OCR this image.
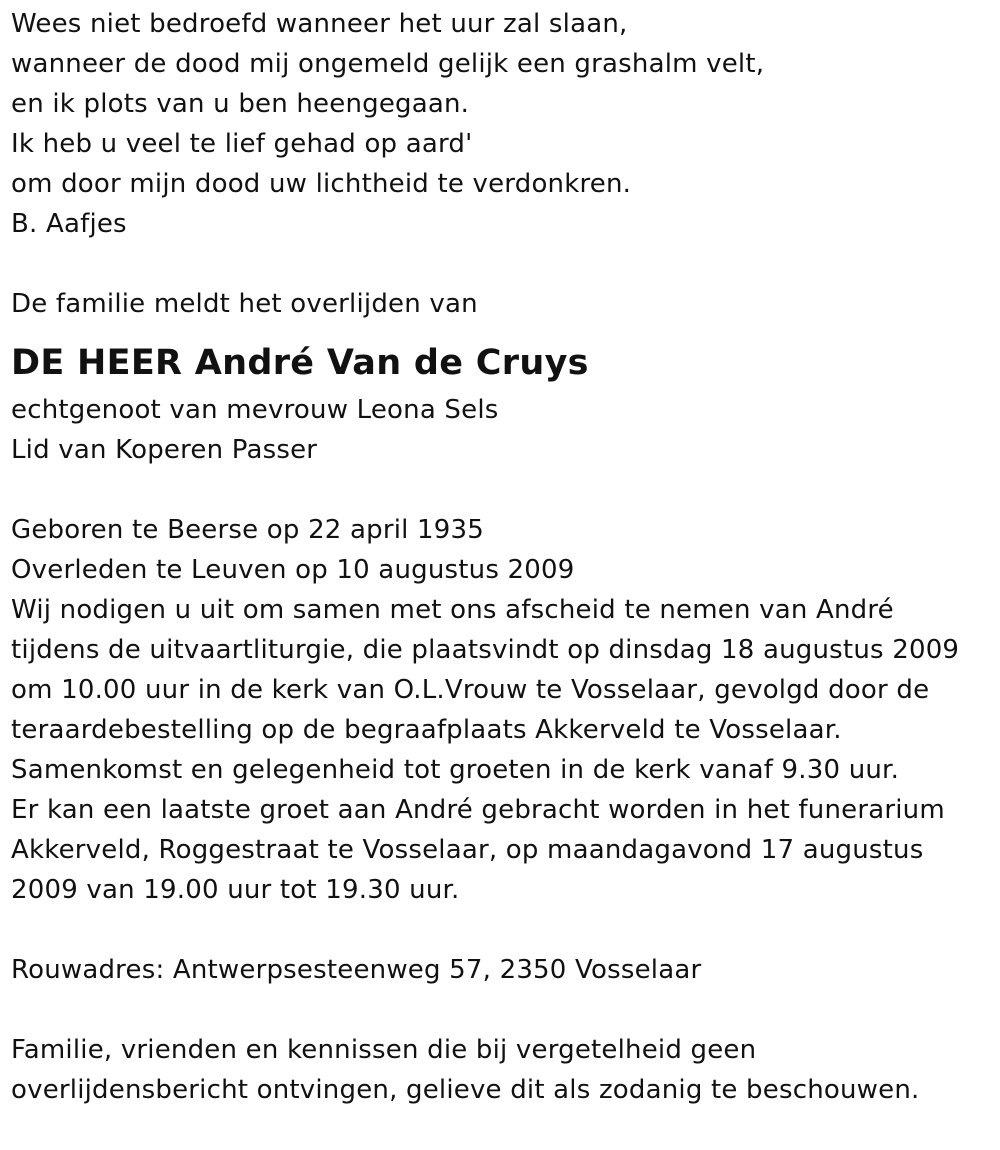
Wees niet bedroefd wanneer het uur zal slaan,
wanneer de dood mij ongemeld gelijk een grashalm velt,
en ik plots van u ben heengegaan.
Ik heb u veel te lief gehad op aard'
om door mijn dood uw lichtheid te verdonkren.
B. Aafjes
De familie meldt het overlijden van
DE HEER André Van de Cruys
echtgenoot van mevrouw Leona Sels
Lid van Koperen Passer
Geboren te Beerse op 22 april 1935
Overleden te Leuven op 10 augustus 2009
Wij nodigen u uit om samen met ons afscheid te nemen van André
tijdens de uitvaartliturgie, die plaatsvindt op dinsdag 18 augustus 2009
om 10.00 uur in de kerk van O.L.Vrouw te Vosselaar, gevolgd door de
teraardebestelling op de begraafplaats Akkerveld te Vosselaar.
Samenkomst en gelegenheid tot groeten in de kerk vanaf 9.30 uur.
Er kan een laatste groet aan André gebracht worden in het funerarium
Akkerveld, Roggestraat te Vosselaar, op maandagavond 17 augustus
2009 van 19.00 uur tot 19.30 uur.
Rouwadres: Antwerpsesteenweg 57, 2350 Vosselaar
Familie, vrienden en kennissen die bij vergetelheid geen
overlijdensbericht ontvingen, gelieve dit als zodanig te beschouwen.
